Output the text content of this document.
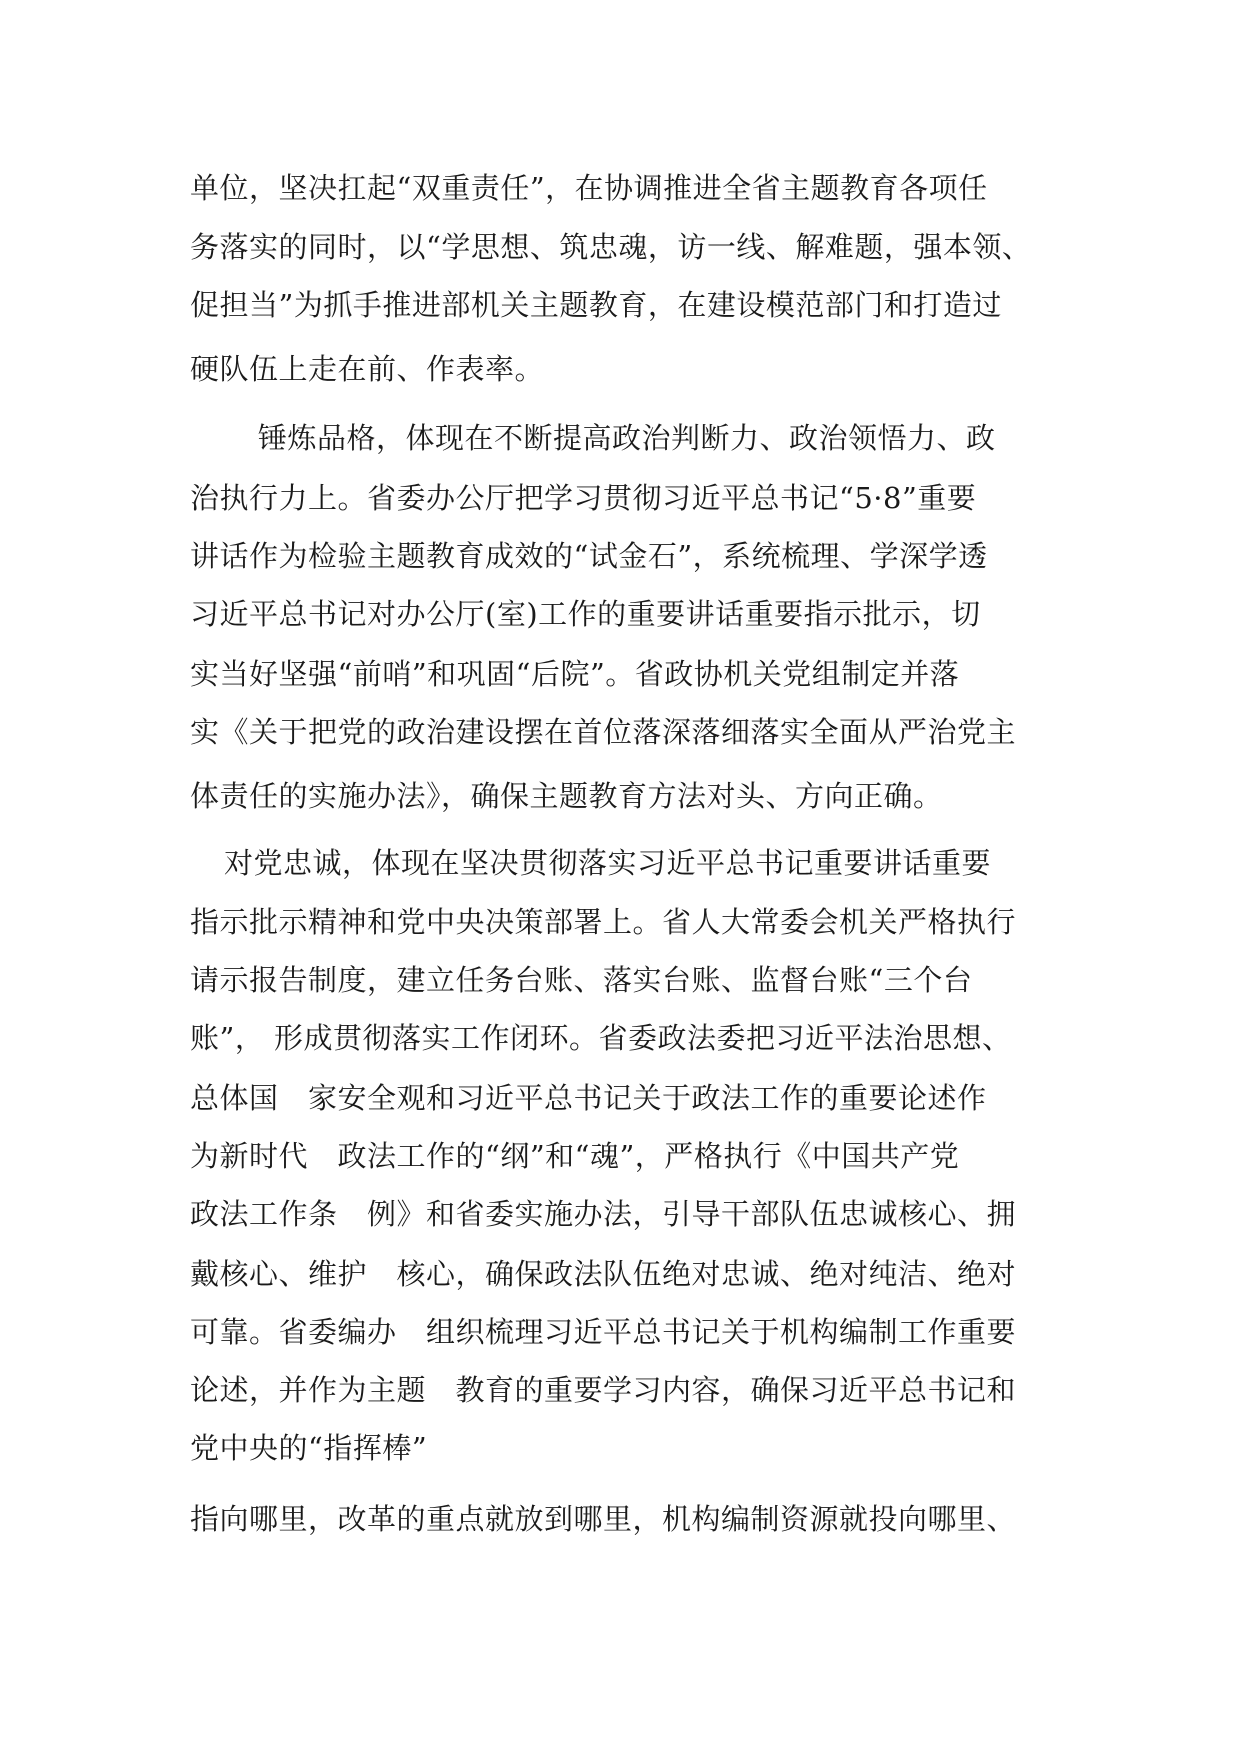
单位，坚决扛起“双重责任”，在协调推进全省主题教育各项任
务落实的同时，以“学思想、筑忠魂，访一线、解难题，强本领、
促担当”为抓手推进部机关主题教育，在建设模范部门和打造过
硬队伍上走在前、作表率。
锤炼品格，体现在不断提高政治判断力、政治领悟力、政
治执行力上。省委办公厅把学习贯彻习近平总书记“5·8”重要
讲话作为检验主题教育成效的“试金石”，系统梳理、学深学透
习近平总书记对办公厅(室)工作的重要讲话重要指示批示，切
实当好坚强“前哨”和巩固“后院”。省政协机关党组制定并落
实《关于把党的政治建设摆在首位落深落细落实全面从严治党主
体责任的实施办法》，确保主题教育方法对头、方向正确。
对党忠诚，体现在坚决贯彻落实习近平总书记重要讲话重要
指示批示精神和党中央决策部署上。省人大常委会机关严格执行
请示报告制度，建立任务台账、落实台账、监督台账“三个台
账”， 形成贯彻落实工作闭环。省委政法委把习近平法治思想、
总体国　家安全观和习近平总书记关于政法工作的重要论述作
为新时代　政法工作的“纲”和“魂”，严格执行《中国共产党
政法工作条　例》和省委实施办法，引导干部队伍忠诚核心、拥
戴核心、维护　核心，确保政法队伍绝对忠诚、绝对纯洁、绝对
可靠。省委编办　组织梳理习近平总书记关于机构编制工作重要
论述，并作为主题　教育的重要学习内容，确保习近平总书记和
党中央的“指挥棒”
指向哪里，改革的重点就放到哪里，机构编制资源就投向哪里、
